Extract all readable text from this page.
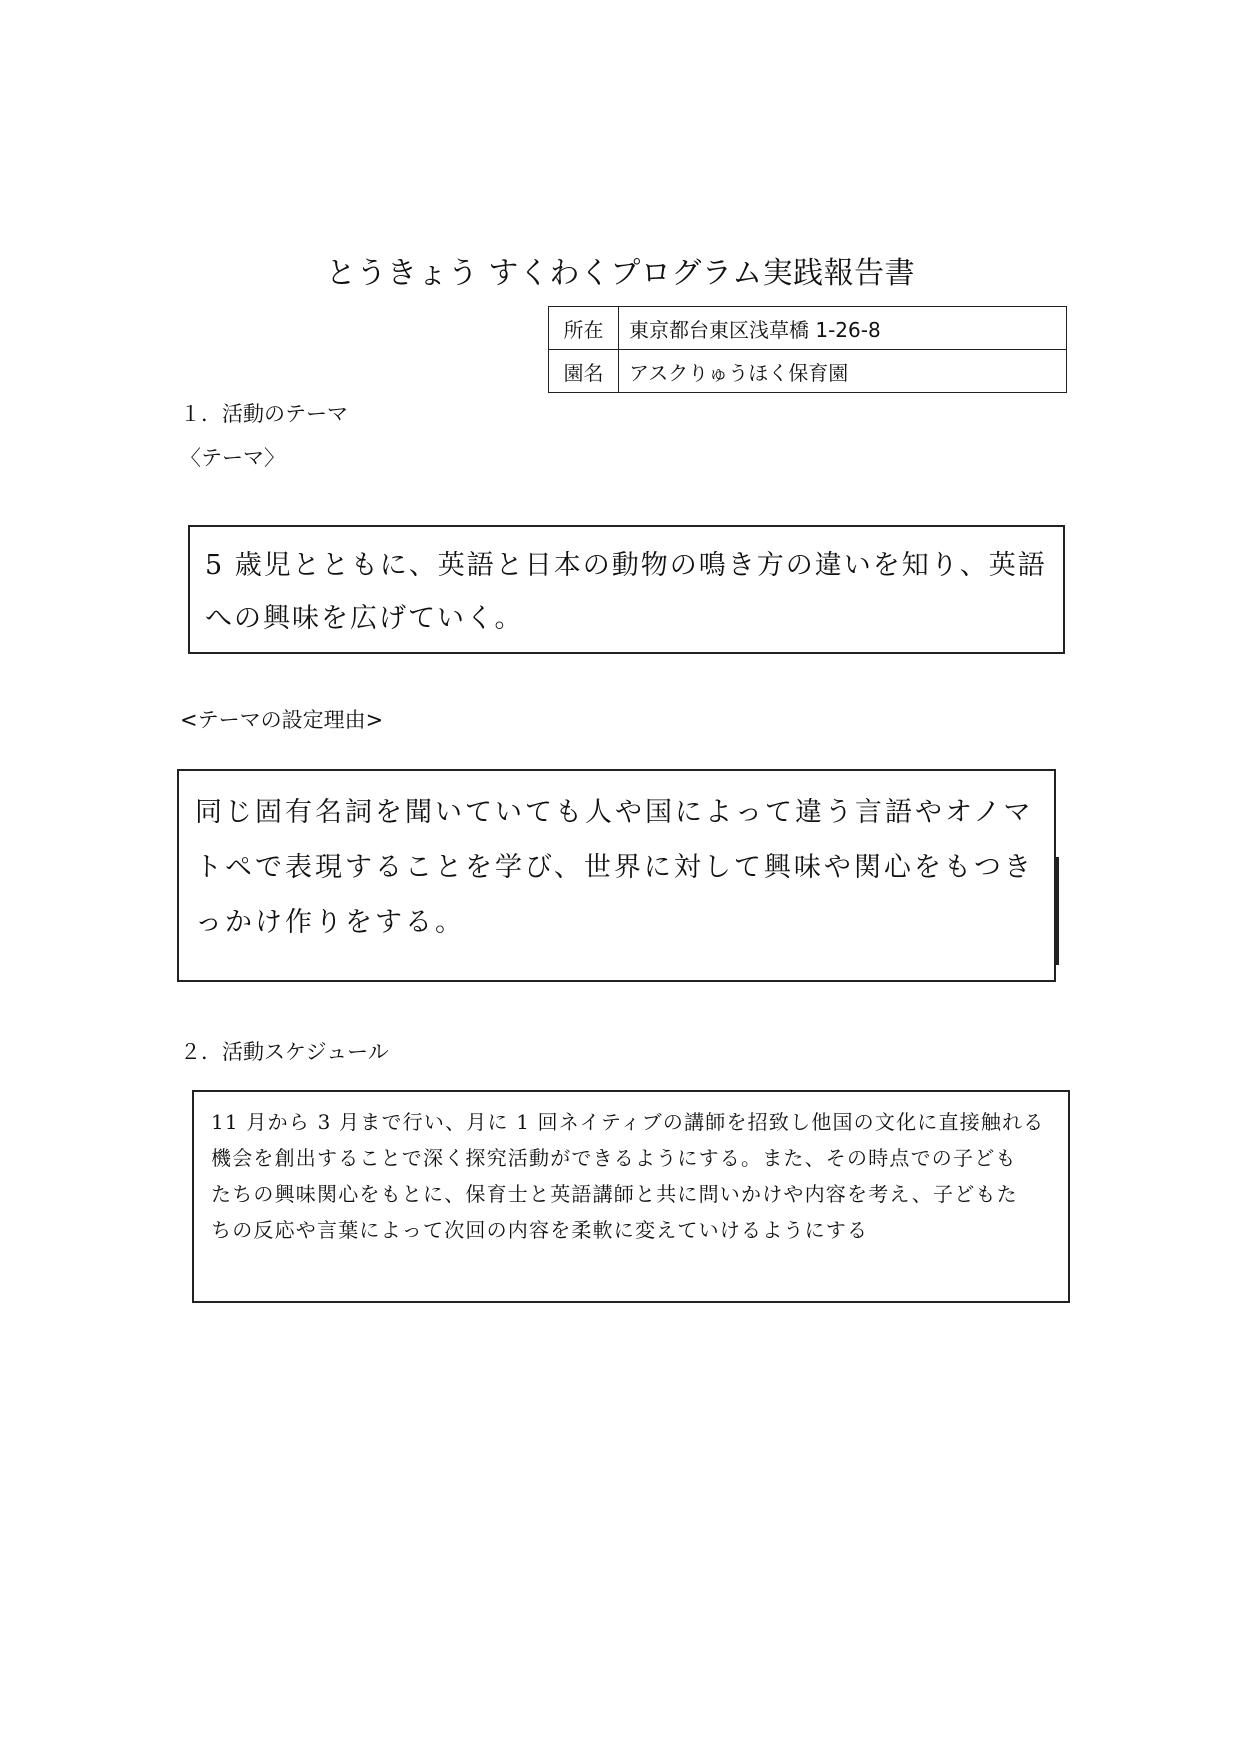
とうきょう すくわくプログラム実践報告書
所在	東京都台東区浅草橋 1-26-8
園名	アスクりゅうほく保育園
１．活動のテーマ
〈テーマ〉
5 歳児とともに、英語と日本の動物の鳴き方の違いを知り、英語
への興味を広げていく。
<テーマの設定理由>
同じ固有名詞を聞いていても人や国によって違う言語やオノマ
トペで表現することを学び、世界に対して興味や関心をもつき
っかけ作りをする。
２．活動スケジュール
11 月から 3 月まで行い、月に 1 回ネイティブの講師を招致し他国の文化に直接触れる
機会を創出することで深く探究活動ができるようにする。また、その時点での子ども
たちの興味関心をもとに、保育士と英語講師と共に問いかけや内容を考え、子どもた
ちの反応や言葉によって次回の内容を柔軟に変えていけるようにする
